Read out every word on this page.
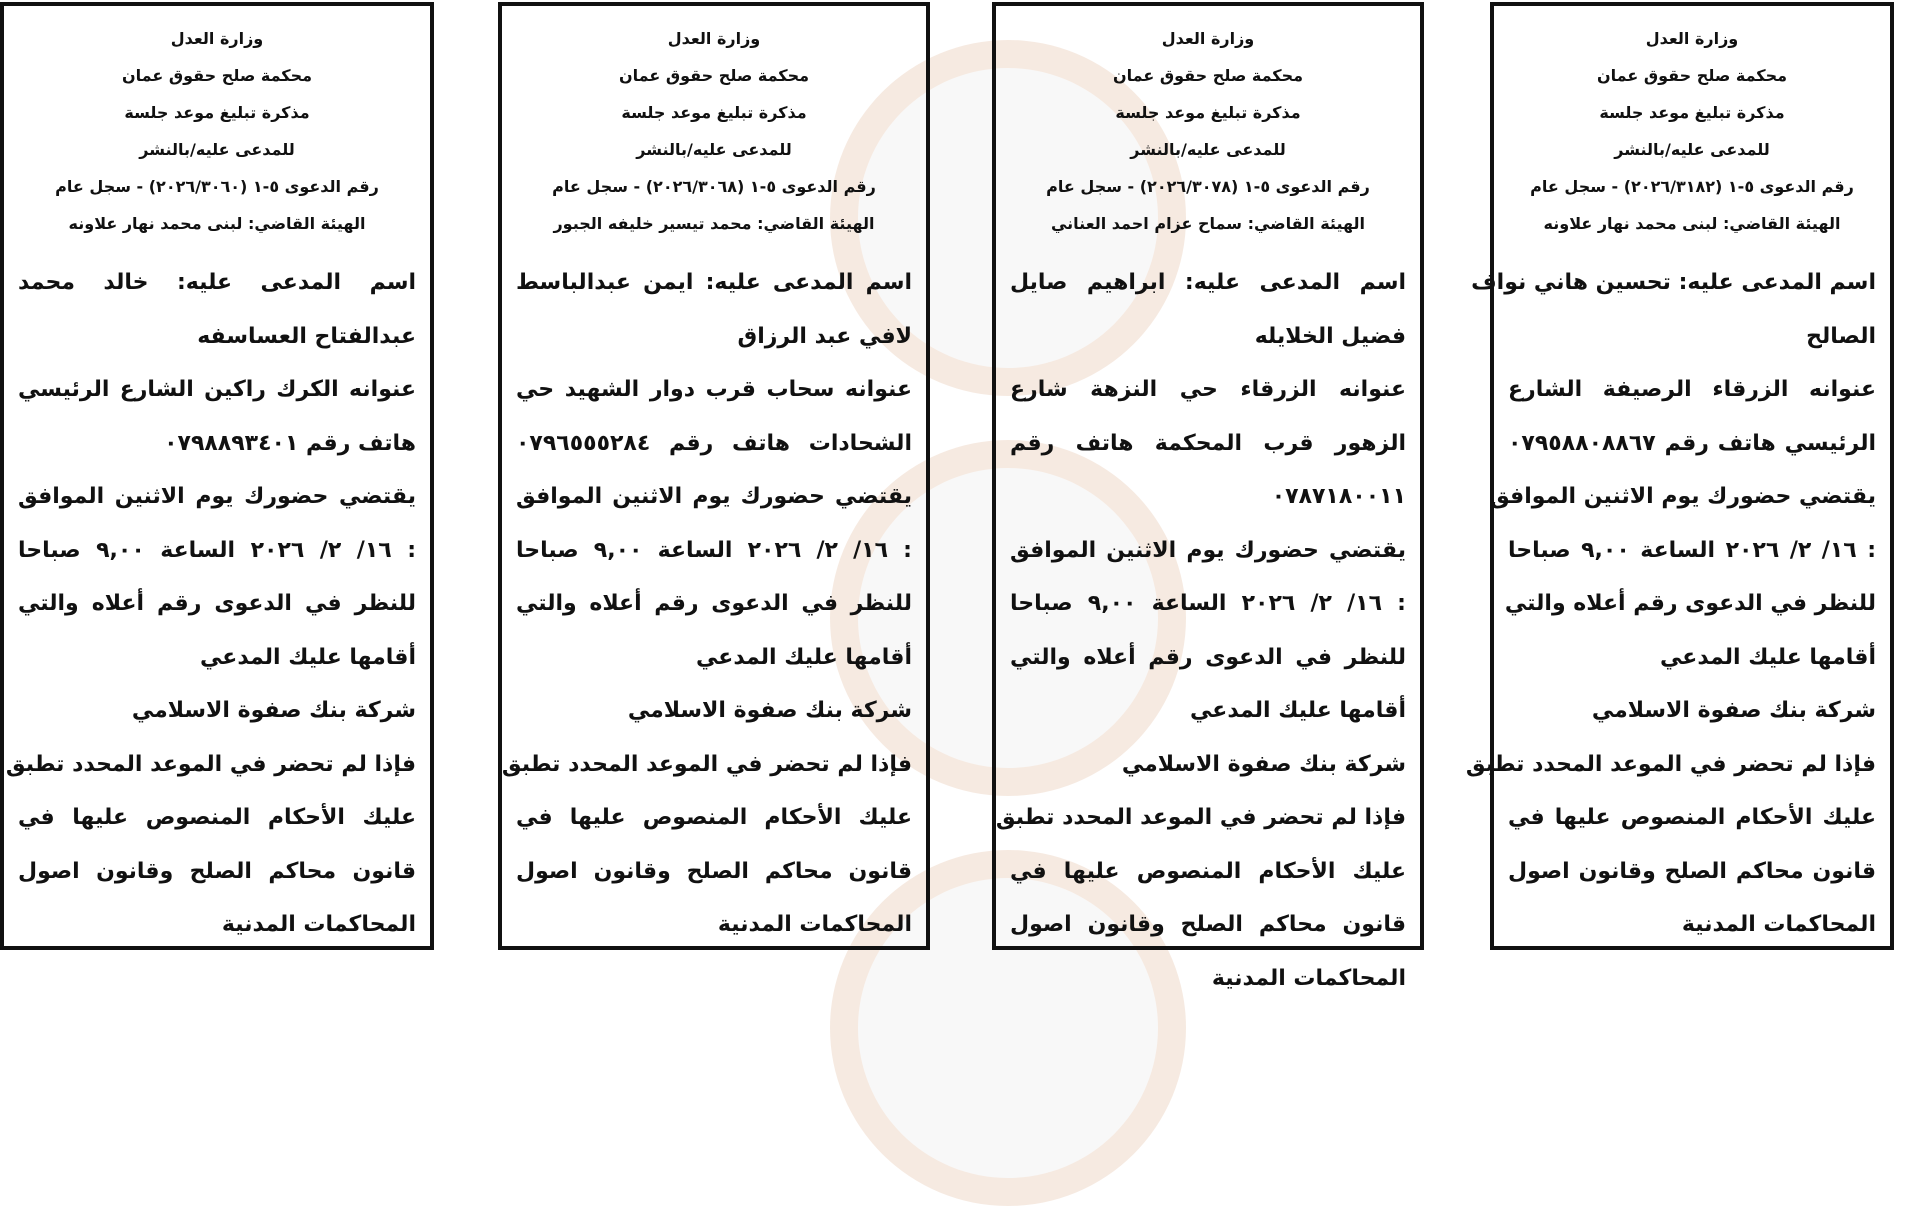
وزارة العدل
محكمة صلح حقوق عمان
مذكرة تبليغ موعد جلسة
للمدعى عليه/بالنشر
رقم الدعوى ٥-١ (٢٠٢٦/٣٠٦٠) - سجل عام
الهيئة القاضي: لبنى محمد نهار علاونه
اسم المدعى عليه: خالد محمد
عبدالفتاح العساسفه
عنوانه الكرك راكين الشارع الرئيسي
هاتف رقم ٠٧٩٨٨٩٣٤٠١
يقتضي حضورك يوم الاثنين الموافق
: ١٦/ ٢/ ٢٠٢٦ الساعة ٩,٠٠ صباحا
للنظر في الدعوى رقم أعلاه والتي
أقامها عليك المدعي
شركة بنك صفوة الاسلامي
فإذا لم تحضر في الموعد المحدد تطبق
عليك الأحكام المنصوص عليها في
قانون محاكم الصلح وقانون اصول
المحاكمات المدنية
وزارة العدل
محكمة صلح حقوق عمان
مذكرة تبليغ موعد جلسة
للمدعى عليه/بالنشر
رقم الدعوى ٥-١ (٢٠٢٦/٣٠٦٨) - سجل عام
الهيئة القاضي: محمد تيسير خليفه الجبور
اسم المدعى عليه: ايمن عبدالباسط
لافي عبد الرزاق
عنوانه سحاب قرب دوار الشهيد حي
الشحادات هاتف رقم ٠٧٩٦٥٥٥٢٨٤
يقتضي حضورك يوم الاثنين الموافق
: ١٦/ ٢/ ٢٠٢٦ الساعة ٩,٠٠ صباحا
للنظر في الدعوى رقم أعلاه والتي
أقامها عليك المدعي
شركة بنك صفوة الاسلامي
فإذا لم تحضر في الموعد المحدد تطبق
عليك الأحكام المنصوص عليها في
قانون محاكم الصلح وقانون اصول
المحاكمات المدنية
وزارة العدل
محكمة صلح حقوق عمان
مذكرة تبليغ موعد جلسة
للمدعى عليه/بالنشر
رقم الدعوى ٥-١ (٢٠٢٦/٣٠٧٨) - سجل عام
الهيئة القاضي: سماح عزام احمد العناني
اسم المدعى عليه: ابراهيم صايل
فضيل الخلايله
عنوانه الزرقاء حي النزهة شارع
الزهور قرب المحكمة هاتف رقم
٠٧٨٧١٨٠٠١١
يقتضي حضورك يوم الاثنين الموافق
: ١٦/ ٢/ ٢٠٢٦ الساعة ٩,٠٠ صباحا
للنظر في الدعوى رقم أعلاه والتي
أقامها عليك المدعي
شركة بنك صفوة الاسلامي
فإذا لم تحضر في الموعد المحدد تطبق
عليك الأحكام المنصوص عليها في
قانون محاكم الصلح وقانون اصول
المحاكمات المدنية
وزارة العدل
محكمة صلح حقوق عمان
مذكرة تبليغ موعد جلسة
للمدعى عليه/بالنشر
رقم الدعوى ٥-١ (٢٠٢٦/٣١٨٢) - سجل عام
الهيئة القاضي: لبنى محمد نهار علاونه
اسم المدعى عليه: تحسين هاني نواف
الصالح
عنوانه الزرقاء الرصيفة الشارع
الرئيسي هاتف رقم ٠٧٩٥٨٨٠٨٨٦٧
يقتضي حضورك يوم الاثنين الموافق
: ١٦/ ٢/ ٢٠٢٦ الساعة ٩,٠٠ صباحا
للنظر في الدعوى رقم أعلاه والتي
أقامها عليك المدعي
شركة بنك صفوة الاسلامي
فإذا لم تحضر في الموعد المحدد تطبق
عليك الأحكام المنصوص عليها في
قانون محاكم الصلح وقانون اصول
المحاكمات المدنية
